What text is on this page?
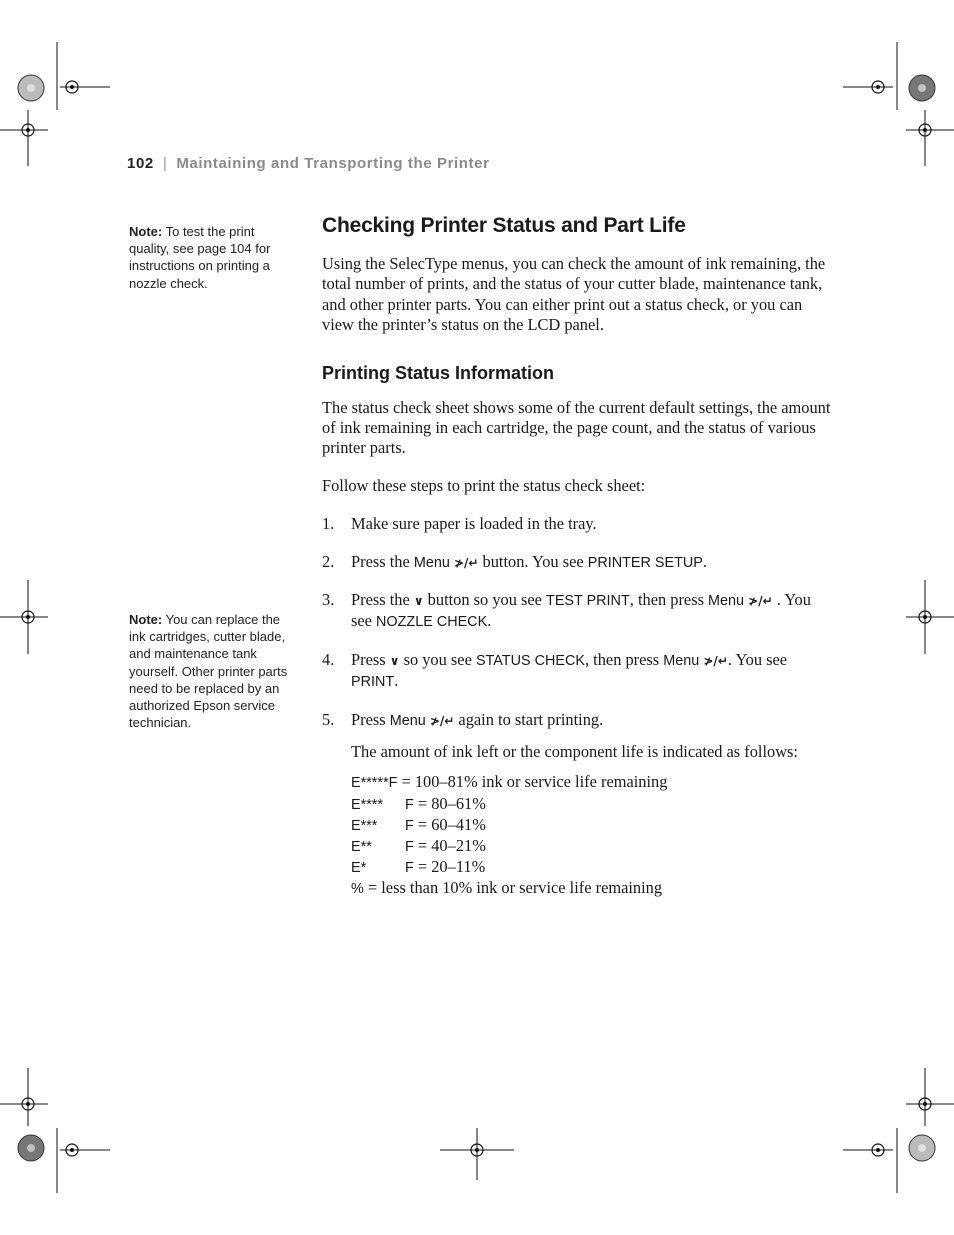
102 | Maintaining and Transporting the Printer
Note: To test the print quality, see page 104 for instructions on printing a nozzle check.
Note: You can replace the ink cartridges, cutter blade, and maintenance tank yourself. Other printer parts need to be replaced by an authorized Epson service technician.
Checking Printer Status and Part Life

Using the SelecType menus, you can check the amount of ink remaining, the total number of prints, and the status of your cutter blade, maintenance tank, and other printer parts. You can either print out a status check, or you can view the printer’s status on the LCD panel.

Printing Status Information

The status check sheet shows some of the current default settings, the amount of ink remaining in each cartridge, the page count, and the status of various printer parts.

Follow these steps to print the status check sheet:

1. Make sure paper is loaded in the tray.
2. Press the Menu ≯/↵ button. You see PRINTER SETUP.
3. Press the ∨ button so you see TEST PRINT, then press Menu ≯/↵ . You see NOZZLE CHECK.
4. Press ∨ so you see STATUS CHECK, then press Menu ≯/↵. You see PRINT.
5. Press Menu ≯/↵ again to start printing.
The amount of ink left or the component life is indicated as follows:
E*****F = 100–81% ink or service life remaining
E**** F = 80–61%
E*** F = 60–41%
E** F = 40–21%
E*	F = 20–11%
% = less than 10% ink or service life remaining
